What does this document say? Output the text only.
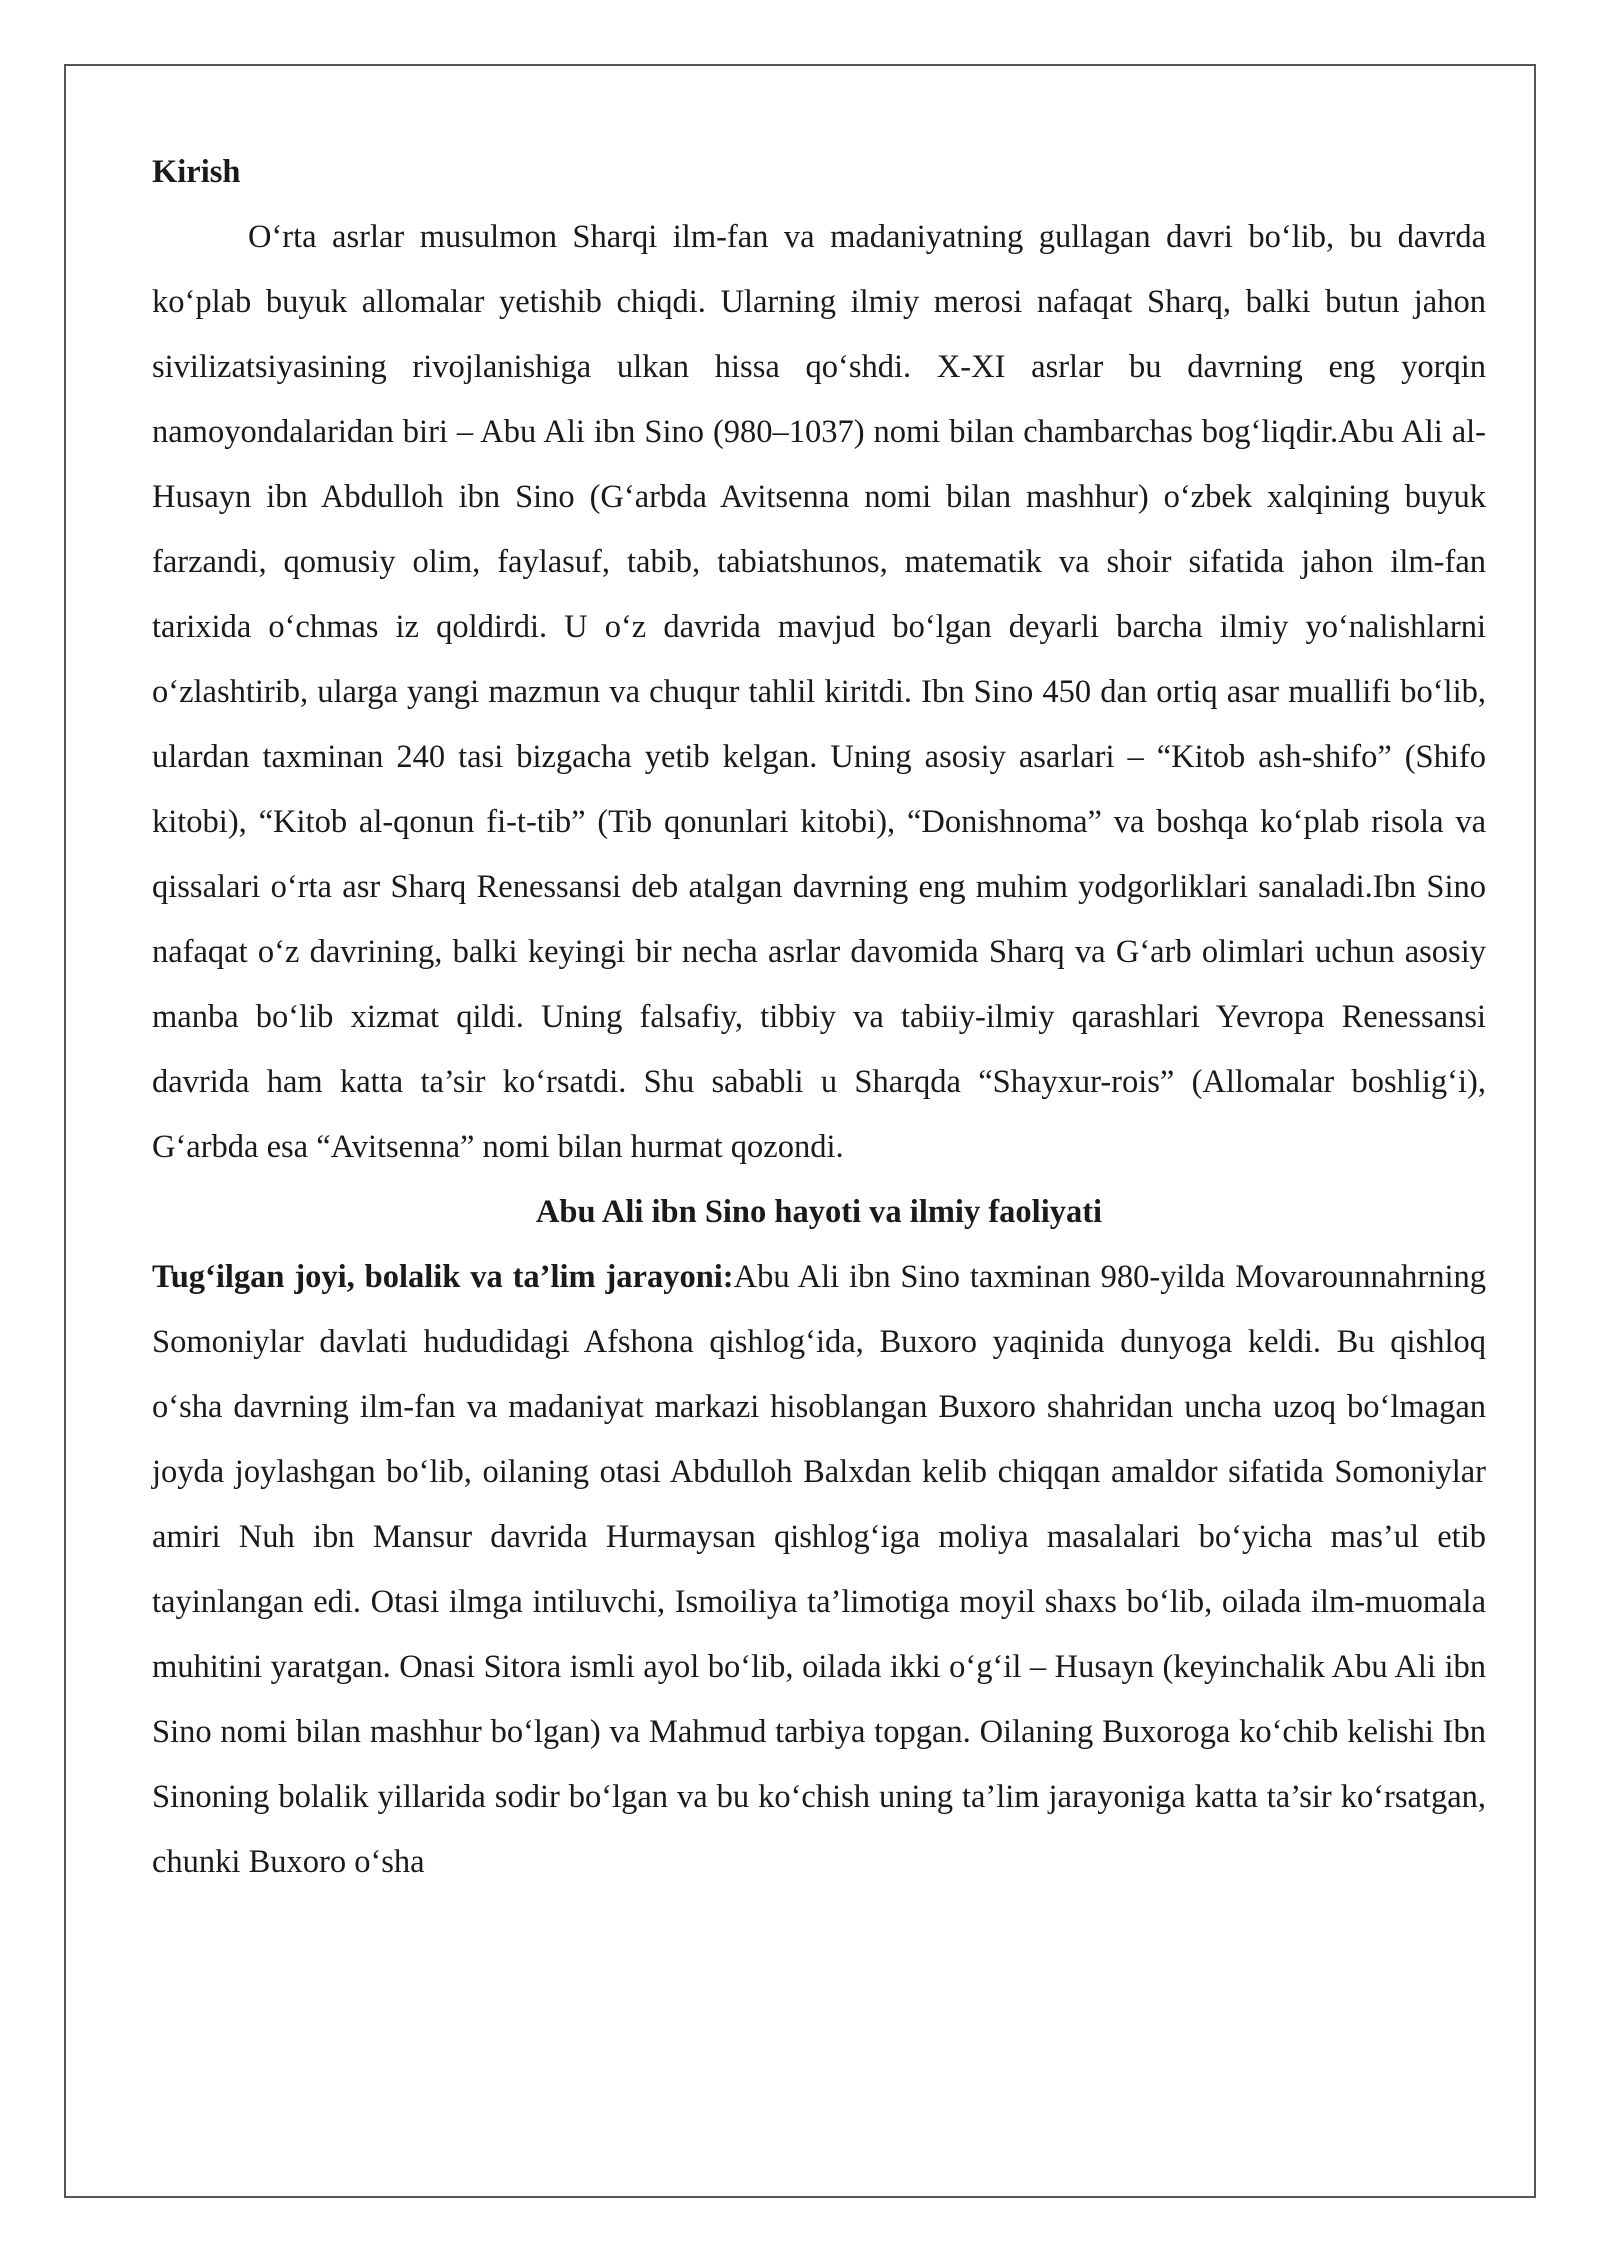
Kirish

O‘rta asrlar musulmon Sharqi ilm-fan va madaniyatning gullagan davri bo‘lib, bu davrda ko‘plab buyuk allomalar yetishib chiqdi. Ularning ilmiy merosi nafaqat Sharq, balki butun jahon sivilizatsiyasining rivojlanishiga ulkan hissa qo‘shdi. X-XI asrlar bu davrning eng yorqin namoyondalaridan biri – Abu Ali ibn Sino (980–1037) nomi bilan chambarchas bog‘liqdir.Abu Ali al-Husayn ibn Abdulloh ibn Sino (G‘arbda Avitsenna nomi bilan mashhur) o‘zbek xalqining buyuk farzandi, qomusiy olim, faylasuf, tabib, tabiatshunos, matematik va shoir sifatida jahon ilm-fan tarixida o‘chmas iz qoldirdi. U o‘z davrida mavjud bo‘lgan deyarli barcha ilmiy yo‘nalishlarni o‘zlashtirib, ularga yangi mazmun va chuqur tahlil kiritdi. Ibn Sino 450 dan ortiq asar muallifi bo‘lib, ulardan taxminan 240 tasi bizgacha yetib kelgan. Uning asosiy asarlari – “Kitob ash-shifo” (Shifo kitobi), “Kitob al-qonun fi-t-tib” (Tib qonunlari kitobi), “Donishnoma” va boshqa ko‘plab risola va qissalari o‘rta asr Sharq Renessansi deb atalgan davrning eng muhim yodgorliklari sanaladi.Ibn Sino nafaqat o‘z davrining, balki keyingi bir necha asrlar davomida Sharq va G‘arb olimlari uchun asosiy manba bo‘lib xizmat qildi. Uning falsafiy, tibbiy va tabiiy-ilmiy qarashlari Yevropa Renessansi davrida ham katta ta’sir ko‘rsatdi. Shu sababli u Sharqda “Shayxur-rois” (Allomalar boshlig‘i), G‘arbda esa “Avitsenna” nomi bilan hurmat qozondi.

Abu Ali ibn Sino hayoti va ilmiy faoliyati

Tug‘ilgan joyi, bolalik va ta’lim jarayoni:Abu Ali ibn Sino taxminan 980-yilda Movarounnahrning Somoniylar davlati hududidagi Afshona qishlog‘ida, Buxoro yaqinida dunyoga keldi. Bu qishloq o‘sha davrning ilm-fan va madaniyat markazi hisoblangan Buxoro shahridan uncha uzoq bo‘lmagan joyda joylashgan bo‘lib, oilaning otasi Abdulloh Balxdan kelib chiqqan amaldor sifatida Somoniylar amiri Nuh ibn Mansur davrida Hurmaysan qishlog‘iga moliya masalalari bo‘yicha mas’ul etib tayinlangan edi. Otasi ilmga intiluvchi, Ismoiliya ta’limotiga moyil shaxs bo‘lib, oilada ilm-muomala muhitini yaratgan. Onasi Sitora ismli ayol bo‘lib, oilada ikki o‘g‘il – Husayn (keyinchalik Abu Ali ibn Sino nomi bilan mashhur bo‘lgan) va Mahmud tarbiya topgan. Oilaning Buxoroga ko‘chib kelishi Ibn Sinoning bolalik yillarida sodir bo‘lgan va bu ko‘chish uning ta’lim jarayoniga katta ta’sir ko‘rsatgan, chunki Buxoro o‘sha
